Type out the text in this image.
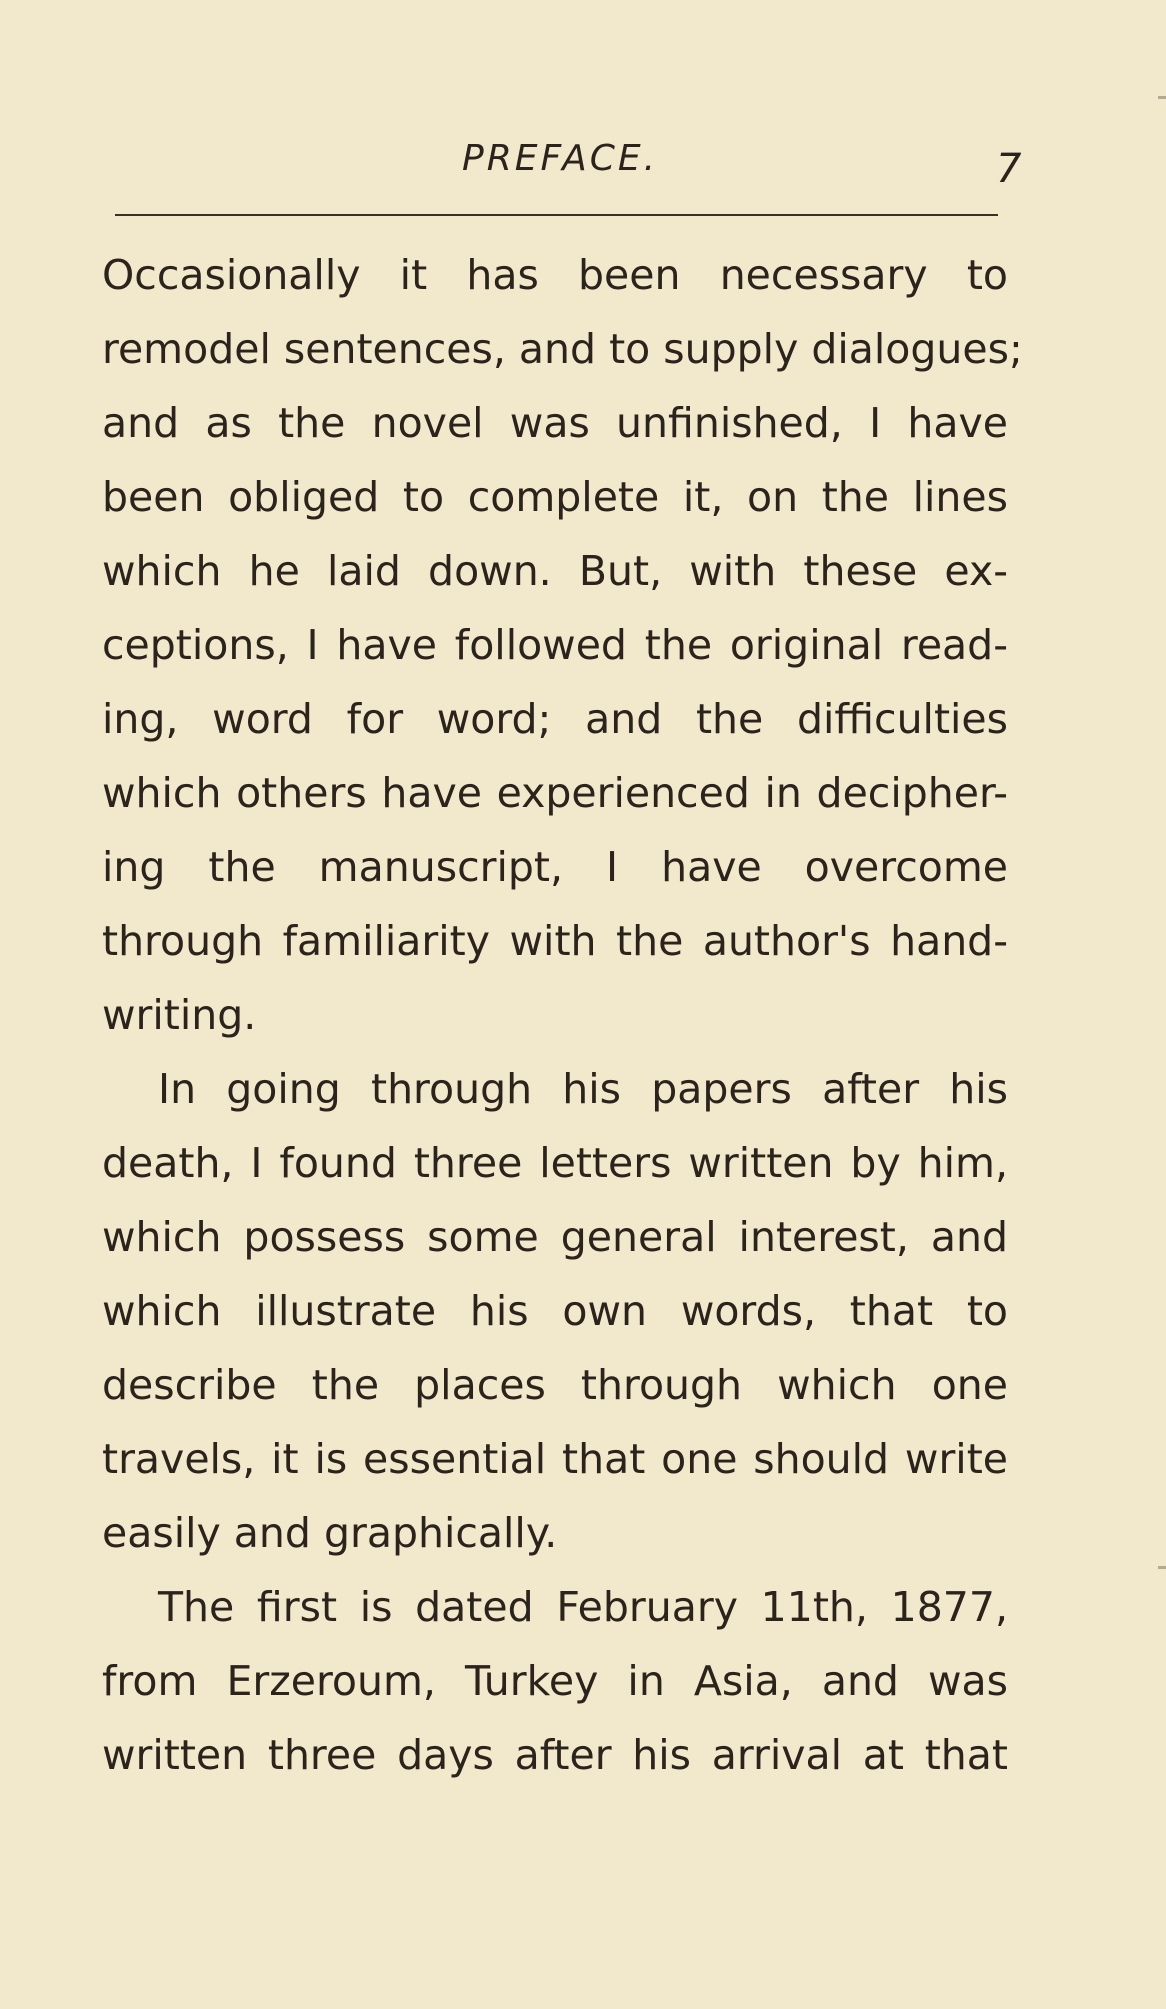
PREFACE.	7
Occasionally it has been necessary to
remodel sentences, and to supply dialogues;
and as the novel was unfinished, I have
been obliged to complete it, on the lines
which he laid down. But, with these ex-
ceptions, I have followed the original read-
ing, word for word; and the difficulties
which others have experienced in decipher-
ing the manuscript, I have overcome
through familiarity with the author's hand-
writing.
In going through his papers after his
death, I found three letters written by him,
which possess some general interest, and
which illustrate his own words, that to
describe the places through which one
travels, it is essential that one should write
easily and graphically.
The first is dated February 11th, 1877,
from Erzeroum, Turkey in Asia, and was
written three days after his arrival at that
